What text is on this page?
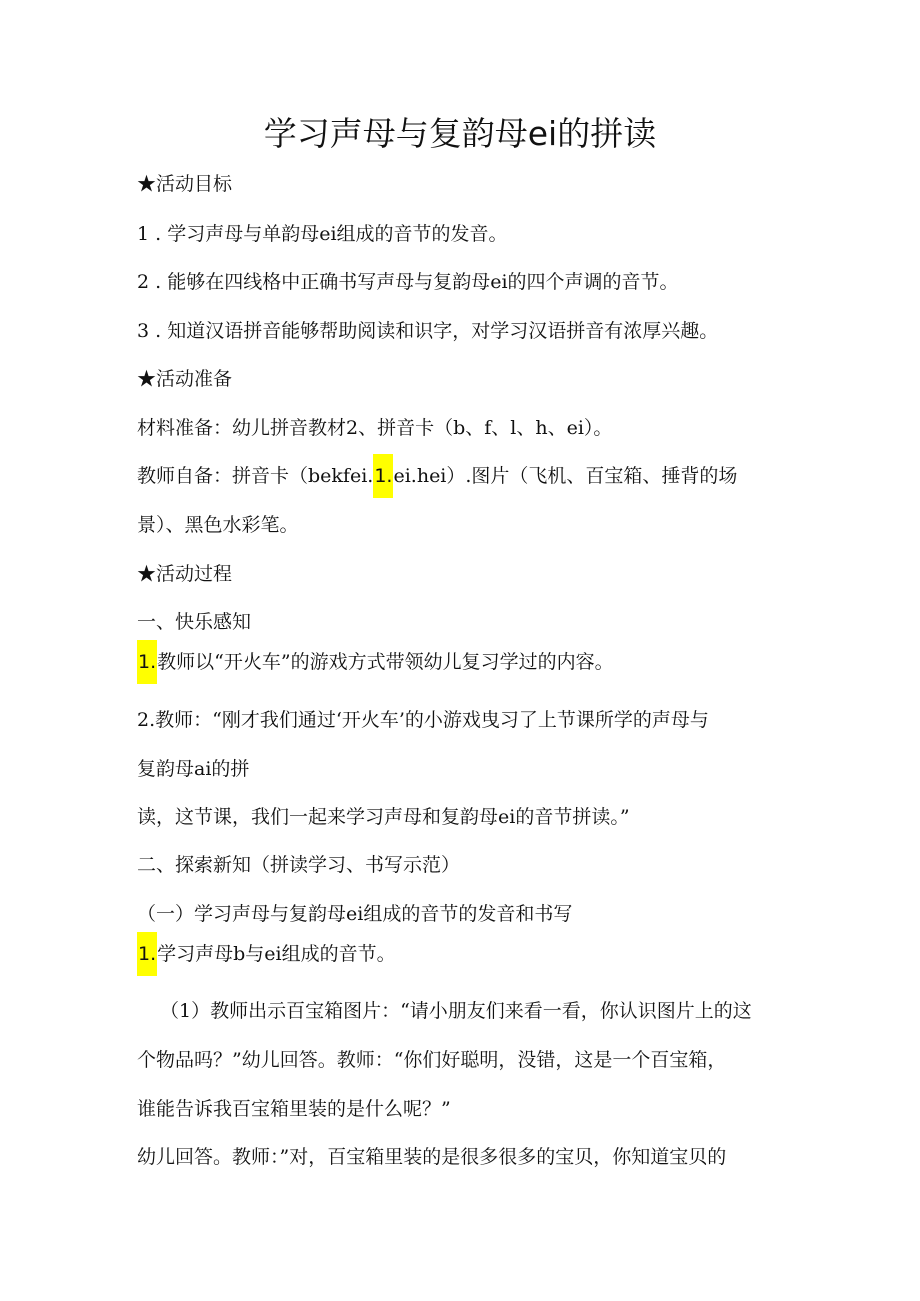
学习声母与复韵母ei的拼读
★活动目标
1 . 学习声母与单韵母ei组成的音节的发音。
2 . 能够在四线格中正确书写声母与复韵母ei的四个声调的音节。
3 . 知道汉语拼音能够帮助阅读和识字，对学习汉语拼音有浓厚兴趣。
★活动准备
材料准备：幼儿拼音教材2、拼音卡（b、f、l、h、ei）。
教师自备：拼音卡（bekfei.1.ei.hei）.图片（飞机、百宝箱、捶背的场
景）、黑色水彩笔。
★活动过程
一、快乐感知
1.教师以“开火车”的游戏方式带领幼儿复习学过的内容。
2.教师：“刚才我们通过‘开火车’的小游戏曳习了上节课所学的声母与
复韵母ai的拼
读，这节课，我们一起来学习声母和复韵母ei的音节拼读。”
二、探索新知（拼读学习、书写示范）
（一）学习声母与复韵母ei组成的音节的发音和书写
1.学习声母b与ei组成的音节。
（1）教师出示百宝箱图片：“请小朋友们来看一看，你认识图片上的这
个物品吗？”幼儿回答。教师：“你们好聪明，没错，这是一个百宝箱，
谁能告诉我百宝箱里装的是什么呢？”
幼儿回答。教师：”对，百宝箱里装的是很多很多的宝贝，你知道宝贝的
